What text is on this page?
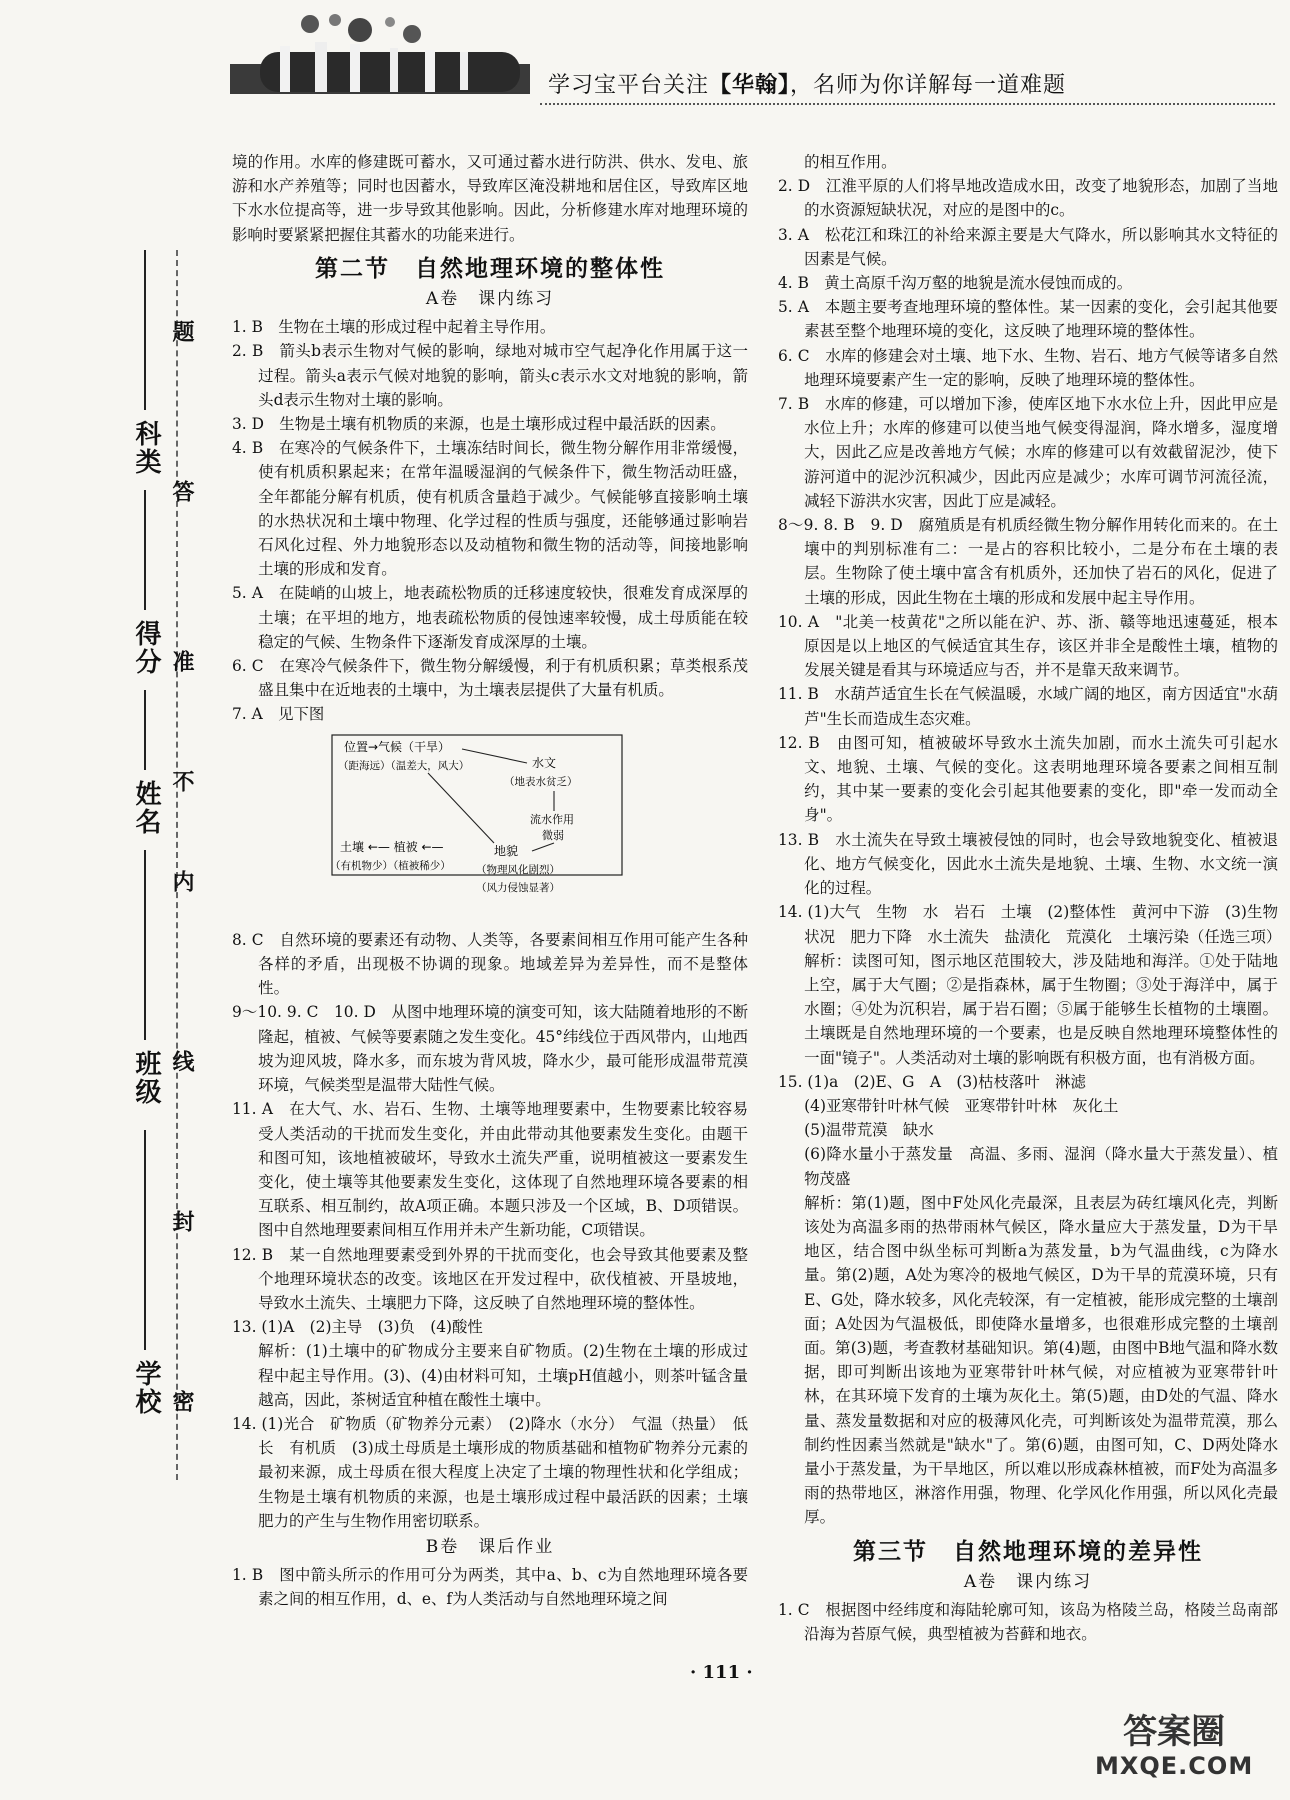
学习宝平台关注【华翰】，名师为你详解每一道难题
学校
班级
姓名
得分
科类
密
封
线
内
不
准
答
题

境的作用。水库的修建既可蓄水，又可通过蓄水进行防洪、供水、发电、旅游和水产养殖等；同时也因蓄水，导致库区淹没耕地和居住区，导致库区地下水水位提高等，进一步导致其他影响。因此，分析修建水库对地理环境的影响时要紧紧把握住其蓄水的功能来进行。

第二节　自然地理环境的整体性
A卷　课内练习

1. B　生物在土壤的形成过程中起着主导作用。

2. B　箭头b表示生物对气候的影响，绿地对城市空气起净化作用属于这一过程。箭头a表示气候对地貌的影响，箭头c表示水文对地貌的影响，箭头d表示生物对土壤的影响。

3. D　生物是土壤有机物质的来源，也是土壤形成过程中最活跃的因素。

4. B　在寒冷的气候条件下，土壤冻结时间长，微生物分解作用非常缓慢，使有机质积累起来；在常年温暖湿润的气候条件下，微生物活动旺盛，全年都能分解有机质，使有机质含量趋于减少。气候能够直接影响土壤的水热状况和土壤中物理、化学过程的性质与强度，还能够通过影响岩石风化过程、外力地貌形态以及动植物和微生物的活动等，间接地影响土壤的形成和发育。

5. A　在陡峭的山坡上，地表疏松物质的迁移速度较快，很难发育成深厚的土壤；在平坦的地方，地表疏松物质的侵蚀速率较慢，成土母质能在较稳定的气候、生物条件下逐渐发育成深厚的土壤。

6. C　在寒冷气候条件下，微生物分解缓慢，利于有机质积累；草类根系茂盛且集中在近地表的土壤中，为土壤表层提供了大量有机质。

7. A　见下图

位置→气候（干旱）
（距海远）（温差大，风大）	水文
（地表水贫乏）
流水作用
微弱
土壤 ←— 植被 ←—
（有机物少）（植被稀少）
地貌
（物理风化剧烈）
（风力侵蚀显著）

8. C　自然环境的要素还有动物、人类等，各要素间相互作用可能产生各种各样的矛盾，出现极不协调的现象。地域差异为差异性，而不是整体性。

9～10. 9. C　10. D　从图中地理环境的演变可知，该大陆随着地形的不断隆起，植被、气候等要素随之发生变化。45°纬线位于西风带内，山地西坡为迎风坡，降水多，而东坡为背风坡，降水少，最可能形成温带荒漠环境，气候类型是温带大陆性气候。

11. A　在大气、水、岩石、生物、土壤等地理要素中，生物要素比较容易受人类活动的干扰而发生变化，并由此带动其他要素发生变化。由题干和图可知，该地植被破坏，导致水土流失严重，说明植被这一要素发生变化，使土壤等其他要素发生变化，这体现了自然地理环境各要素的相互联系、相互制约，故A项正确。本题只涉及一个区域，B、D项错误。图中自然地理要素间相互作用并未产生新功能，C项错误。

12. B　某一自然地理要素受到外界的干扰而变化，也会导致其他要素及整个地理环境状态的改变。该地区在开发过程中，砍伐植被、开垦坡地，导致水土流失、土壤肥力下降，这反映了自然地理环境的整体性。

13. (1)A　(2)主导　(3)负　(4)酸性

解析：(1)土壤中的矿物成分主要来自矿物质。(2)生物在土壤的形成过程中起主导作用。(3)、(4)由材料可知，土壤pH值越小，则茶叶锰含量越高，因此，茶树适宜种植在酸性土壤中。

14. (1)光合　矿物质（矿物养分元素）　(2)降水（水分）　气温（热量）　低　长　有机质　(3)成土母质是土壤形成的物质基础和植物矿物养分元素的最初来源，成土母质在很大程度上决定了土壤的物理性状和化学组成；生物是土壤有机物质的来源，也是土壤形成过程中最活跃的因素；土壤肥力的产生与生物作用密切联系。

B卷　课后作业

1. B　图中箭头所示的作用可分为两类，其中a、b、c为自然地理环境各要素之间的相互作用，d、e、f为人类活动与自然地理环境之间

的相互作用。

2. D　江淮平原的人们将旱地改造成水田，改变了地貌形态，加剧了当地的水资源短缺状况，对应的是图中的c。

3. A　松花江和珠江的补给来源主要是大气降水，所以影响其水文特征的因素是气候。

4. B　黄土高原千沟万壑的地貌是流水侵蚀而成的。

5. A　本题主要考查地理环境的整体性。某一因素的变化，会引起其他要素甚至整个地理环境的变化，这反映了地理环境的整体性。

6. C　水库的修建会对土壤、地下水、生物、岩石、地方气候等诸多自然地理环境要素产生一定的影响，反映了地理环境的整体性。

7. B　水库的修建，可以增加下渗，使库区地下水水位上升，因此甲应是水位上升；水库的修建可以使当地气候变得湿润，降水增多，湿度增大，因此乙应是改善地方气候；水库的修建可以有效截留泥沙，使下游河道中的泥沙沉积减少，因此丙应是减少；水库可调节河流径流，减轻下游洪水灾害，因此丁应是减轻。

8～9. 8. B　9. D　腐殖质是有机质经微生物分解作用转化而来的。在土壤中的判别标准有二：一是占的容积比较小，二是分布在土壤的表层。生物除了使土壤中富含有机质外，还加快了岩石的风化，促进了土壤的形成，因此生物在土壤的形成和发展中起主导作用。

10. A　"北美一枝黄花"之所以能在沪、苏、浙、赣等地迅速蔓延，根本原因是以上地区的气候适宜其生存，该区并非全是酸性土壤，植物的发展关键是看其与环境适应与否，并不是靠天敌来调节。

11. B　水葫芦适宜生长在气候温暖，水域广阔的地区，南方因适宜"水葫芦"生长而造成生态灾难。

12. B　由图可知，植被破坏导致水土流失加剧，而水土流失可引起水文、地貌、土壤、气候的变化。这表明地理环境各要素之间相互制约，其中某一要素的变化会引起其他要素的变化，即"牵一发而动全身"。

13. B　水土流失在导致土壤被侵蚀的同时，也会导致地貌变化、植被退化、地方气候变化，因此水土流失是地貌、土壤、生物、水文统一演化的过程。

14. (1)大气　生物　水　岩石　土壤　(2)整体性　黄河中下游　(3)生物状况　肥力下降　水土流失　盐渍化　荒漠化　土壤污染（任选三项）

解析：读图可知，图示地区范围较大，涉及陆地和海洋。①处于陆地上空，属于大气圈；②是指森林，属于生物圈；③处于海洋中，属于水圈；④处为沉积岩，属于岩石圈；⑤属于能够生长植物的土壤圈。土壤既是自然地理环境的一个要素，也是反映自然地理环境整体性的一面"镜子"。人类活动对土壤的影响既有积极方面，也有消极方面。

15. (1)a　(2)E、G　A　(3)枯枝落叶　淋滤

(4)亚寒带针叶林气候　亚寒带针叶林　灰化土

(5)温带荒漠　缺水

(6)降水量小于蒸发量　高温、多雨、湿润（降水量大于蒸发量）、植物茂盛

解析：第(1)题，图中F处风化壳最深，且表层为砖红壤风化壳，判断该处为高温多雨的热带雨林气候区，降水量应大于蒸发量，D为干旱地区，结合图中纵坐标可判断a为蒸发量，b为气温曲线，c为降水量。第(2)题，A处为寒冷的极地气候区，D为干旱的荒漠环境，只有E、G处，降水较多，风化壳较深，有一定植被，能形成完整的土壤剖面；A处因为气温极低，即使降水量增多，也很难形成完整的土壤剖面。第(3)题，考查教材基础知识。第(4)题，由图中B地气温和降水数据，即可判断出该地为亚寒带针叶林气候，对应植被为亚寒带针叶林，在其环境下发育的土壤为灰化土。第(5)题，由D处的气温、降水量、蒸发量数据和对应的极薄风化壳，可判断该处为温带荒漠，那么制约性因素当然就是"缺水"了。第(6)题，由图可知，C、D两处降水量小于蒸发量，为干旱地区，所以难以形成森林植被，而F处为高温多雨的热带地区，淋溶作用强，物理、化学风化作用强，所以风化壳最厚。

第三节　自然地理环境的差异性
A卷　课内练习

1. C　根据图中经纬度和海陆轮廓可知，该岛为格陵兰岛，格陵兰岛南部沿海为苔原气候，典型植被为苔藓和地衣。

· 111 ·
答案圈
MXQE.COM
